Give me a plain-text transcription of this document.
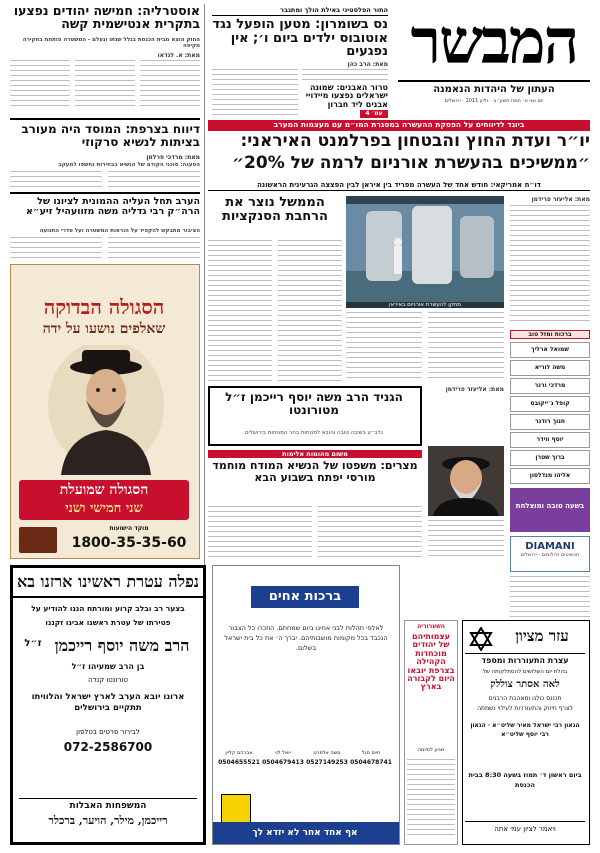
המבשר
העתון של היהדות הנאמנה
יום שני ט׳ תמוז תשע״ב · גליון 1011 · ירושלים
התור הפלסטיני באילת הולך ומתגבר
נס בשומרון: מטען הופעל נגד אוטובוס ילדים ביום ו׳; אין נפגעים
מאת: הרב כהן
טרור האבנים: שמונה ישראלים נפצעו מיידויי אבנים ליד חברון
עמ׳ 4
אוסטרליה: חמישה יהודים נפצעו בתקרית אנטישמית קשה
החוק הוצא מבית הכנסת בגלל שנתו ונעלם - המשטרה פותחת בחקירה מקיפה
מאת: א. לנדאו
דיווח בצרפת: המוסד היה מעורב בציתות לנשיא סרקוזי
מאת: מרדכי פרלמן
הטענה: סוכני הקודם של הנשיא בבחירות נחשפו למעקב
הערב תחל העליה ההמונית לציונו של הרה״ק רבי גדליה משה מזוועהיל זיע״א
הציבור מתבקש להקפיד על הוראות המשטרה ועל סדרי התנועה
הסגולה הבדוקה
שאלפים נושעו על ידה
הסגולה שמועלת
שני חמישי ושני
מוקד הישועות
1800-35-35-60
ביוגד לדיווחים על הפסקת ההעשרה במסגרת המו״מ עם מעצמות המערב
יו״ר ועדת החוץ והבטחון בפרלמנט האיראני:
״ממשיכים בהעשרת אורניום לרמה של 20%״
דו״ח אמריקאי: חודש אחד של העשרה מפריד בין איראן לבין הפצצה הגרעינית הראשונה
מאת: אליעזר פרידמן
מתקן להעשרת אורניום באיראן
הממשל נוצר את הרחבת הסנקציות
הגניד הרב משה יוסף רייכמן ז״ל מטורונטו
נלב״ע בשיבה טובה והובא למנוחות בהר המנוחות בירושלים
משום מהומות אלימות
מצרים: משפטו של הנשיא המודח מוחמד מורסי יפתח בשבוע הבא
מאת: אליעזר פרידמן
ברכות ומזל טוב
שמואל ארליך
משה לוריא
מרדכי ורנר
קופל ג׳ייקובס
חנוך רודנר
יוסף ווידר
ברוך שטרן
אליהו מנדלסון
בשעה טובה ומוצלחת
DIAMANI
תכשיטים ויהלומים · ירושלים
נפלה עטרת ראשינו ארזנו בא
בצער רב ובלב קרוע ומורתח הננו להודיע על
פטירתו של עטרת ראשנו אבינו זקננו
הרב משה יוסף רייכמן
ז״ל
בן הרב שמעיהו ז״ל
טורונטו קנדה
ארונו יובא הערב לארץ ישראל והלוויתו תתקיים בירושלים
לבירור פרטים בטלפון
072-2586700
המשפחות האבלות
רייכמן, מילר, הויער, ברכלר
ברכות אחים
לאלפי תהלות לבני אחינו ביום שמחתם. הוזכרו כל הצבור הנכבד בכל מקומות מושבותיהם. יברך ה׳ את כל בית ישראל בשלום.
חיים סגל
0504678741
משה אלפרט
0527149253
יואל לוי
0504679413
אברהם קליין
0504655521
אף אחד אחר לא יזדא לך
השערוריה
עצמותיהם של יהודים מוכחדות הקהילה בצרפת יובאו היום לקבורה בארץ
מגיע לסיומה
עזר מציון
עצרת התעוררות ומספד
בהלת יום השלושים להסתלקותה של
לאה אסתר צוללק
תכונס כולנו ומאהבת הרבנים
לצרף חיזוק והתעוררות לעילוי נשמתה
הגאון רבי ישראל מאיר שליט״א · הגאון רבי יוסף שליט״א
ביום ראשון ד׳ תמוז בשעה 8:30 בבית הכנסת
ויאמר לציון עמי אתה
